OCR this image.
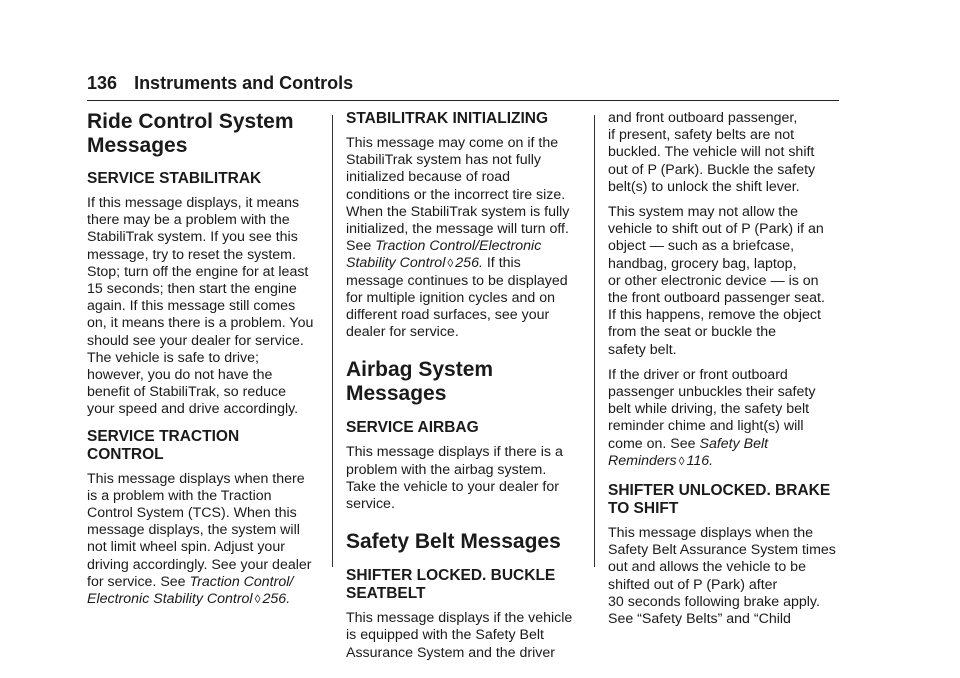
136 Instruments and Controls
Ride Control System
Messages
SERVICE STABILITRAK

If this message displays, it means
there may be a problem with the
StabiliTrak system. If you see this
message, try to reset the system.
Stop; turn off the engine for at least
15 seconds; then start the engine
again. If this message still comes
on, it means there is a problem. You
should see your dealer for service.
The vehicle is safe to drive;
however, you do not have the
benefit of StabiliTrak, so reduce
your speed and drive accordingly.

SERVICE TRACTION
CONTROL

This message displays when there
is a problem with the Traction
Control System (TCS). When this
message displays, the system will
not limit wheel spin. Adjust your
driving accordingly. See your dealer
for service. See Traction Control/
Electronic Stability Control ◊ 256.

STABILITRAK INITIALIZING

This message may come on if the
StabiliTrak system has not fully
initialized because of road
conditions or the incorrect tire size.
When the StabiliTrak system is fully
initialized, the message will turn off.
See Traction Control/Electronic
Stability Control ◊ 256. If this
message continues to be displayed
for multiple ignition cycles and on
different road surfaces, see your
dealer for service.

Airbag System Messages
SERVICE AIRBAG

This message displays if there is a
problem with the airbag system.
Take the vehicle to your dealer for
service.

Safety Belt Messages
SHIFTER LOCKED. BUCKLE
SEATBELT

This message displays if the vehicle
is equipped with the Safety Belt
Assurance System and the driver

and front outboard passenger,
if present, safety belts are not
buckled. The vehicle will not shift
out of P (Park). Buckle the safety
belt(s) to unlock the shift lever.

This system may not allow the
vehicle to shift out of P (Park) if an
object — such as a briefcase,
handbag, grocery bag, laptop,
or other electronic device — is on
the front outboard passenger seat.
If this happens, remove the object
from the seat or buckle the
safety belt.

If the driver or front outboard
passenger unbuckles their safety
belt while driving, the safety belt
reminder chime and light(s) will
come on. See Safety Belt
Reminders ◊ 116.

SHIFTER UNLOCKED. BRAKE
TO SHIFT

This message displays when the
Safety Belt Assurance System times
out and allows the vehicle to be
shifted out of P (Park) after
30 seconds following brake apply.
See “Safety Belts” and “Child
